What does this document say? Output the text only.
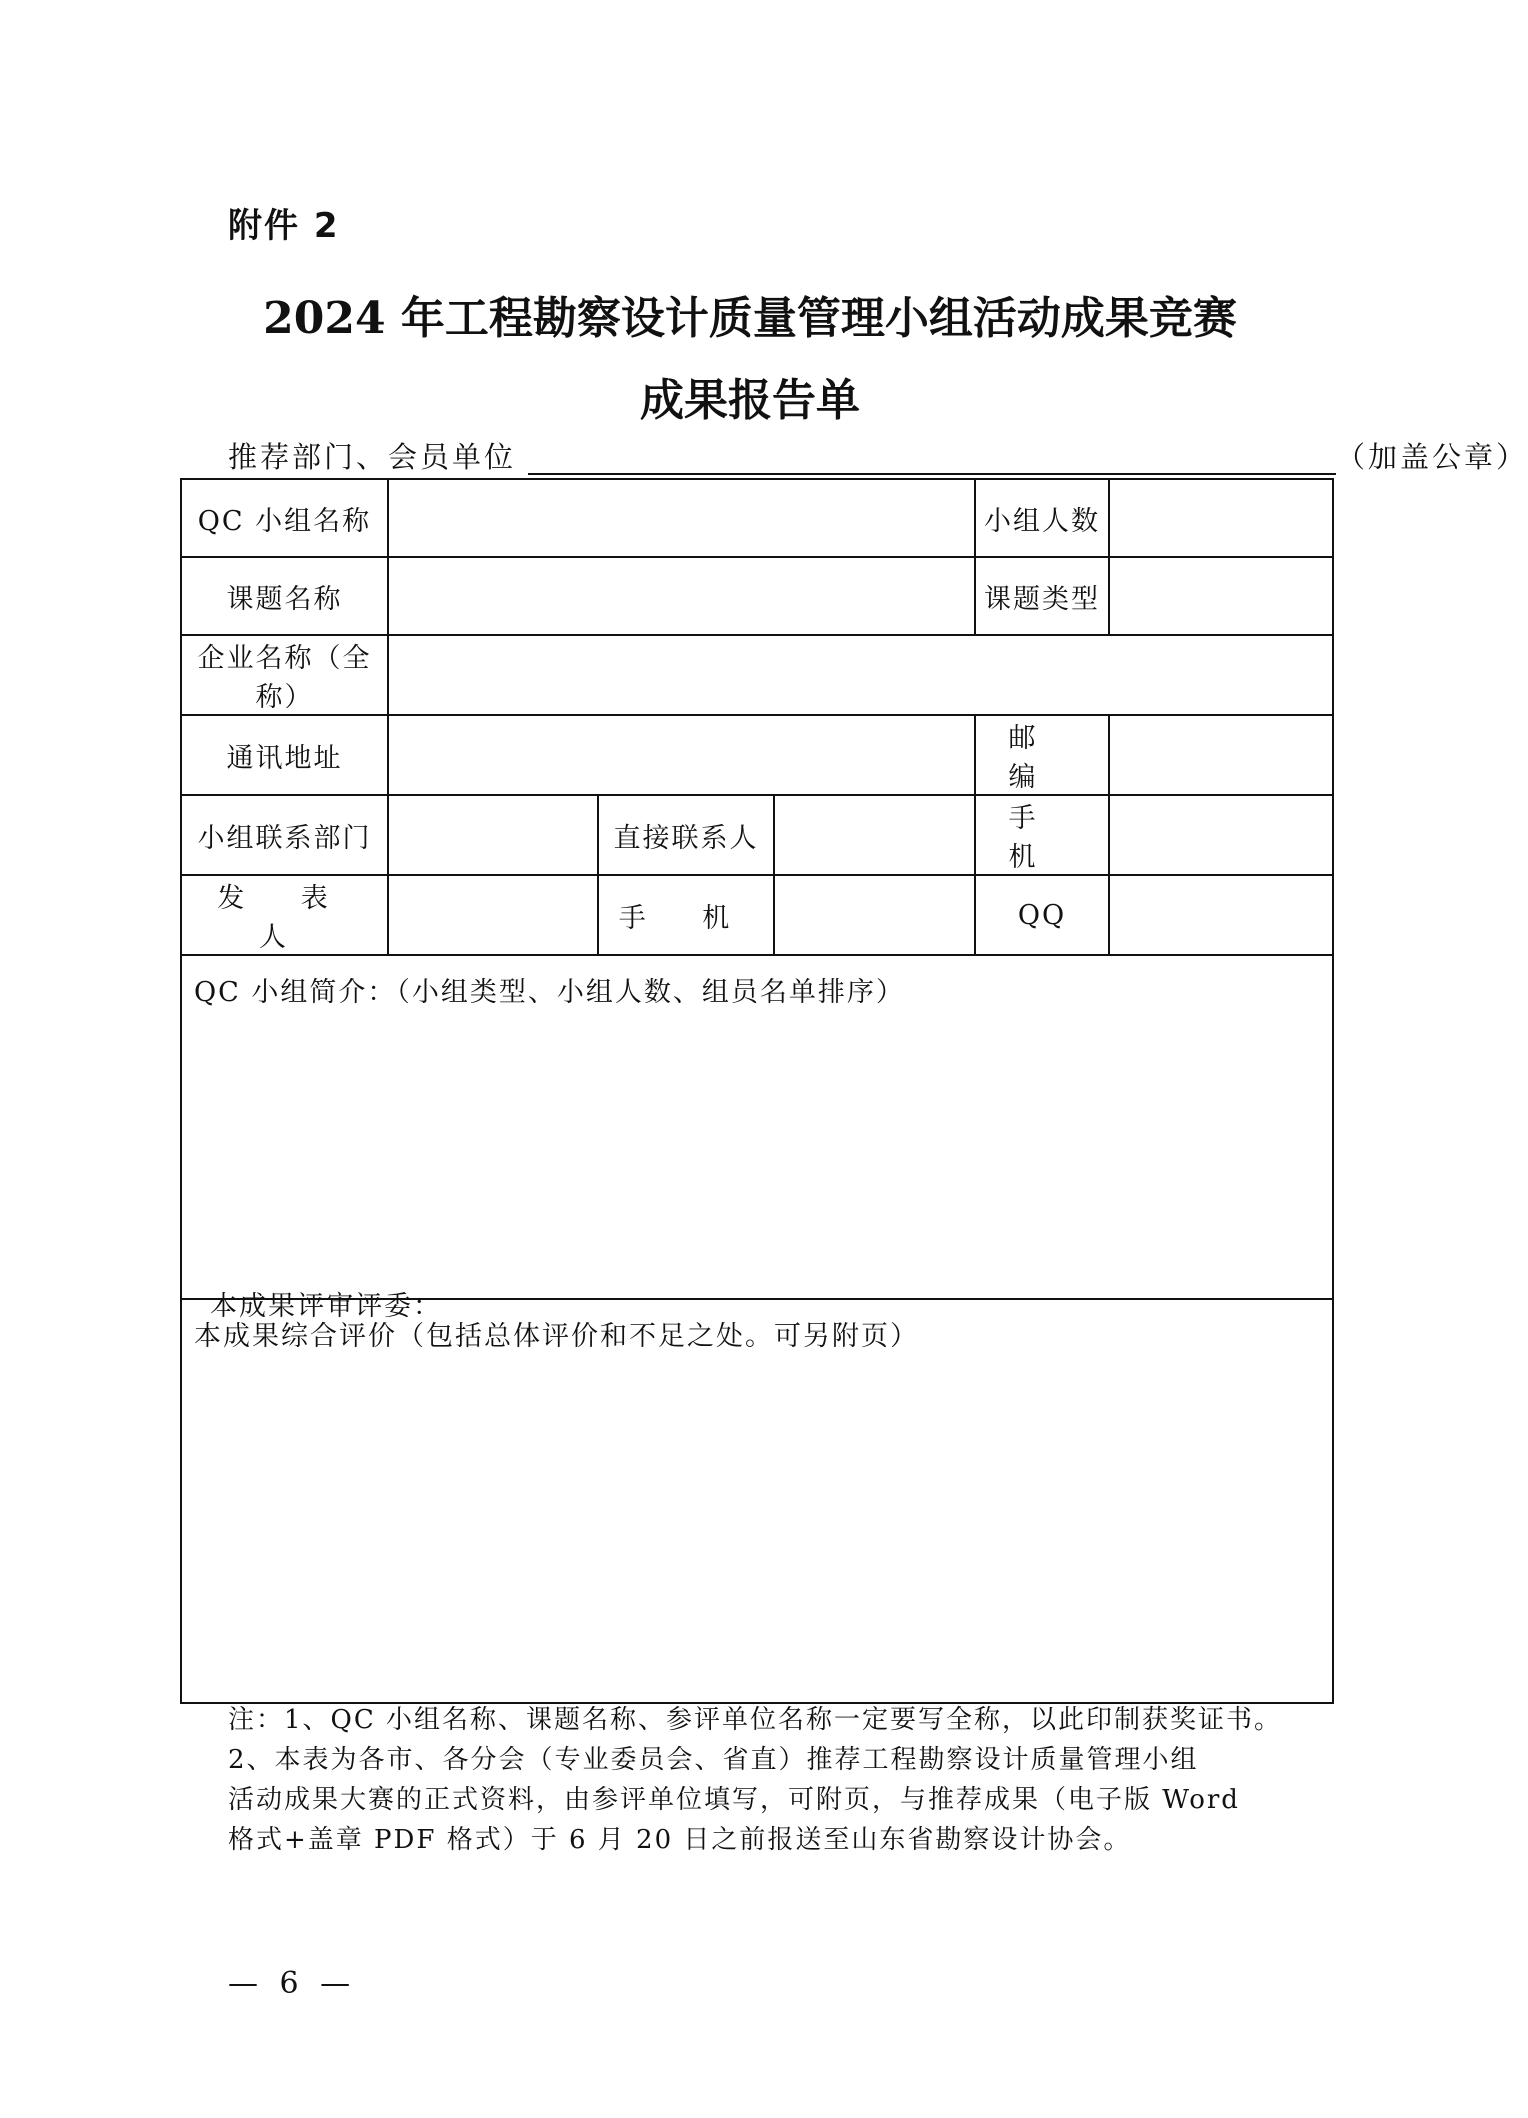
附件 2
2024 年工程勘察设计质量管理小组活动成果竞赛
成果报告单
推荐部门、会员单位	（加盖公章）
QC 小组名称				小组人数	
课题名称				课题类型	
企业名称（全称）					
通讯地址				邮 编	
小组联系部门		直接联系人		手 机	
发 表 人		手 机		QQ	
QC 小组简介：（小组类型、小组人数、组员名单排序）					

本成果综合评价（包括总体评价和不足之处。可另附页）
本成果评审评委：					

注：1、QC 小组名称、课题名称、参评单位名称一定要写全称，以此印制获奖证书。

2、本表为各市、各分会（专业委员会、省直）推荐工程勘察设计质量管理小组

活动成果大赛的正式资料，由参评单位填写，可附页，与推荐成果（电子版 Word

格式+盖章 PDF 格式）于 6 月 20 日之前报送至山东省勘察设计协会。

— 6 —
